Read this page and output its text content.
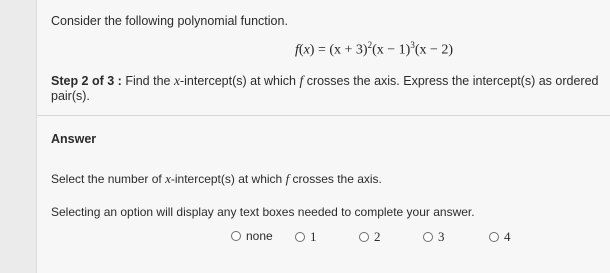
Consider the following polynomial function.
$f(x) = (x + 3)^2(x - 1)^3(x - 2)$
Step 2 of 3 : Find the x-intercept(s) at which f crosses the axis. Express the intercept(s) as ordered pair(s).
Answer
Select the number of x-intercept(s) at which f crosses the axis.
Selecting an option will display any text boxes needed to complete your answer.
none	1	2	3	4
